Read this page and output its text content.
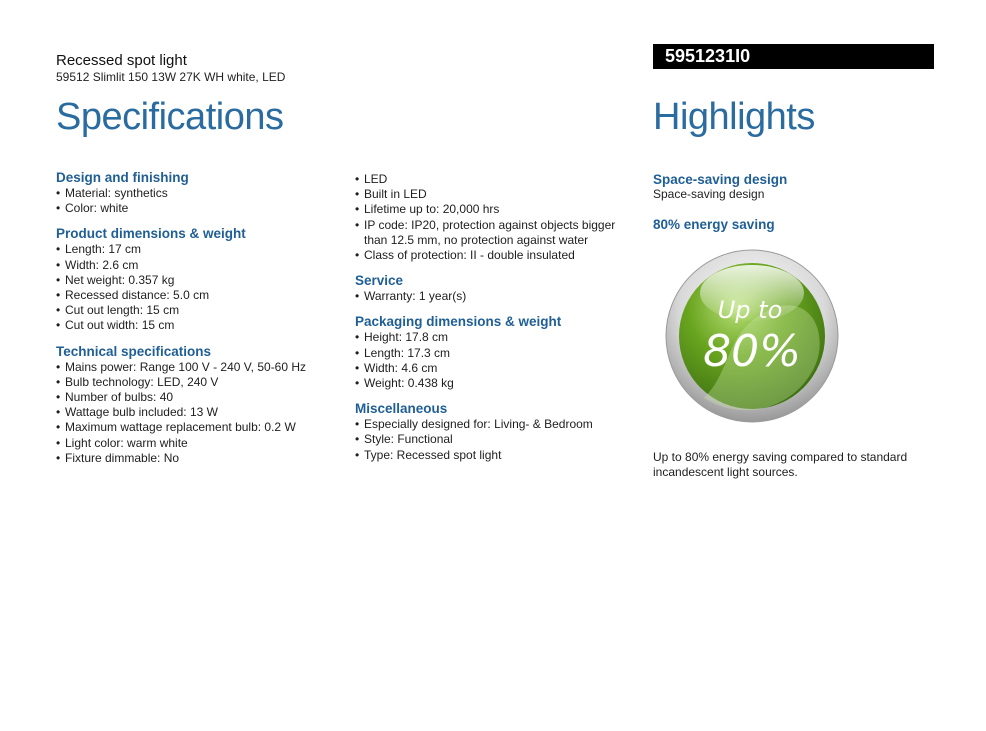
Recessed spot light
59512 Slimlit 150 13W 27K WH white, LED
5951231I0
Specifications	Highlights
Design and finishing
• Material: synthetics
• Color: white
Product dimensions & weight
• Length: 17 cm
• Width: 2.6 cm
• Net weight: 0.357 kg
• Recessed distance: 5.0 cm
• Cut out length: 15 cm
• Cut out width: 15 cm
Technical specifications
• Mains power: Range 100 V - 240 V, 50-60 Hz
• Bulb technology: LED, 240 V
• Number of bulbs: 40
• Wattage bulb included: 13 W
• Maximum wattage replacement bulb: 0.2 W
• Light color: warm white
• Fixture dimmable: No
• LED
• Built in LED
• Lifetime up to: 20,000 hrs
• IP code: IP20, protection against objects bigger than 12.5 mm, no protection against water
• Class of protection: II - double insulated
Service
• Warranty: 1 year(s)
Packaging dimensions & weight
• Height: 17.8 cm
• Length: 17.3 cm
• Width: 4.6 cm
• Weight: 0.438 kg
Miscellaneous
• Especially designed for: Living- & Bedroom
• Style: Functional
• Type: Recessed spot light
Space-saving design
Space-saving design
80% energy saving
Up to
80%
Up to 80% energy saving compared to standard incandescent light sources.
